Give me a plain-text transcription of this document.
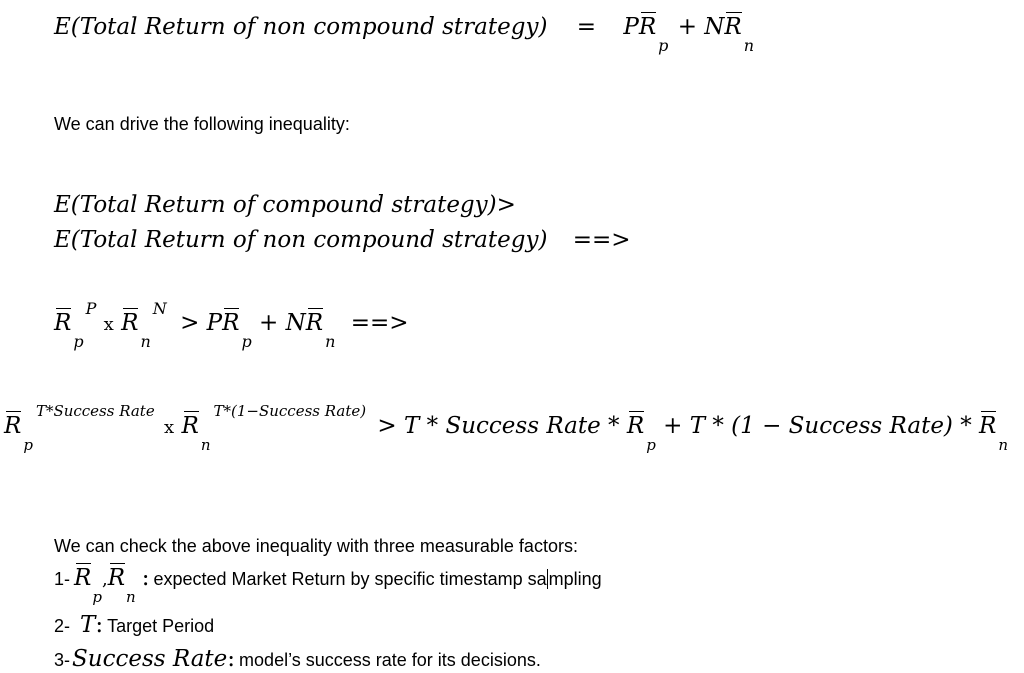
E(Total Return of non compound strategy) = PRp + NRn
We can drive the following inequality:
E(Total Return of compound strategy)>
E(Total Return of non compound strategy) ==>
RpP x RnN > PRp + NRn ==>
RpT*Success Rate x RnT*(1−Success Rate) > T * Success Rate * Rp + T * (1 − Success Rate) * Rn
We can check the above inequality with three measurable factors:
1- Rp,Rn : expected Market Return by specific timestamp sa mpling
2- T: Target Period
3-Success Rate: model’s success rate for its decisions.
